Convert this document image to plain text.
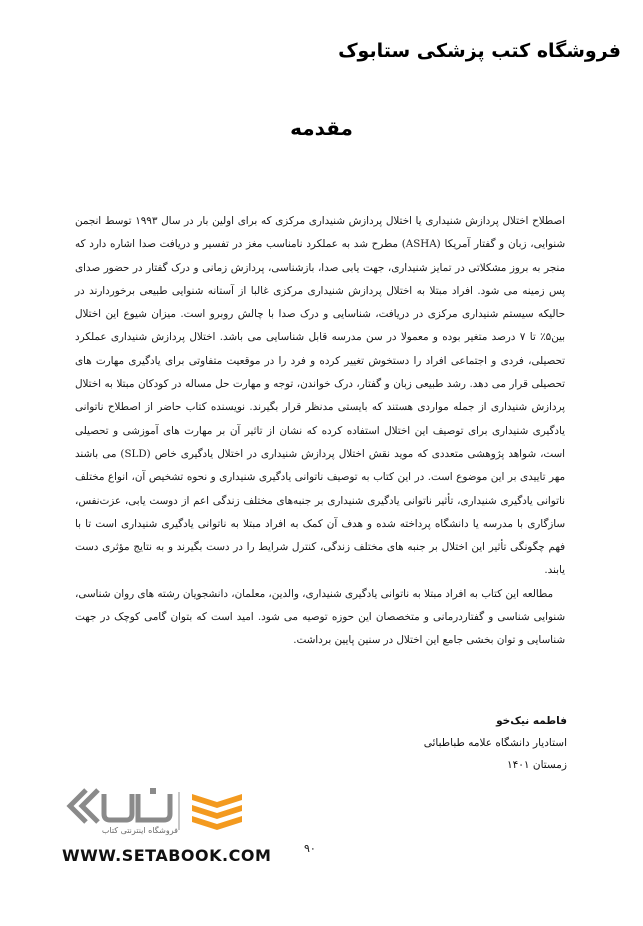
فروشگاه کتب پزشکی ستابوک
مقدمه

اصطلاح اختلال پردازش شنیداری یا اختلال پردازش شنیداری مرکزی که برای اولین بار در سال ۱۹۹۳ توسط انجمن شنوایی، زبان و گفتار آمریکا (ASHA) مطرح شد به عملکرد نامناسب مغز در تفسیر و دریافت صدا اشاره دارد که منجر به بروز مشکلاتی در تمایز شنیداری، جهت یابی صدا، بازشناسی، پردازش زمانی و درک گفتار در حضور صدای پس زمینه می شود. افراد مبتلا به اختلال پردازش شنیداری مرکزی غالبا از آستانه شنوایی طبیعی برخوردارند در حالیکه سیستم شنیداری مرکزی در دریافت، شناسایی و درک صدا با چالش روبرو است. میزان شیوع این اختلال بین۵٪ تا ۷ درصد متغیر بوده و معمولا در سن مدرسه قابل شناسایی می باشد. اختلال پردازش شنیداری عملکرد تحصیلی، فردی و اجتماعی افراد را دستخوش تغییر کرده و فرد را در موقعیت متفاوتی برای یادگیری مهارت های تحصیلی قرار می دهد. رشد طبیعی زبان و گفتار، درک خواندن، توجه و مهارت حل مساله در کودکان مبتلا به اختلال پردازش شنیداری از جمله مواردی هستند که بایستی مدنظر قرار بگیرند. نویسنده کتاب حاضر از اصطلاح ناتوانی یادگیری شنیداری برای توصیف این اختلال استفاده کرده که نشان از تاثیر آن بر مهارت های آموزشی و تحصیلی است، شواهد پژوهشی متعددی که موید نقش اختلال پردازش شنیداری در اختلال یادگیری خاص (SLD) می باشند مهر تاییدی بر این موضوع است. در این کتاب به توصیف ناتوانی یادگیری شنیداری و نحوه تشخیص آن، انواع مختلف ناتوانی یادگیری شنیداری، تأثیر ناتوانی یادگیری شنیداری بر جنبه‌های مختلف زندگی اعم از دوست یابی، عزت‌نفس، سازگاری با مدرسه یا دانشگاه پرداخته شده و هدف آن کمک به افراد مبتلا به ناتوانی یادگیری شنیداری است تا با فهم چگونگی تأثیر این اختلال بر جنبه های مختلف زندگی، کنترل شرایط را در دست بگیرند و به نتایج مؤثری دست یابند.

مطالعه این کتاب به افراد مبتلا به ناتوانی یادگیری شنیداری، والدین، معلمان، دانشجویان رشته های روان شناسی، شنوایی شناسی و گفتاردرمانی و متخصصان این حوزه توصیه می شود. امید است که بتوان گامی کوچک در جهت شناسایی و توان بخشی جامع این اختلال در سنین پایین برداشت.

فاطمه نیک‌خو
استادیار دانشگاه علامه طباطبائی
زمستان ۱۴۰۱
فروشگاه اینترنتی کتاب
۹۰
WWW.SETABOOK.COM
